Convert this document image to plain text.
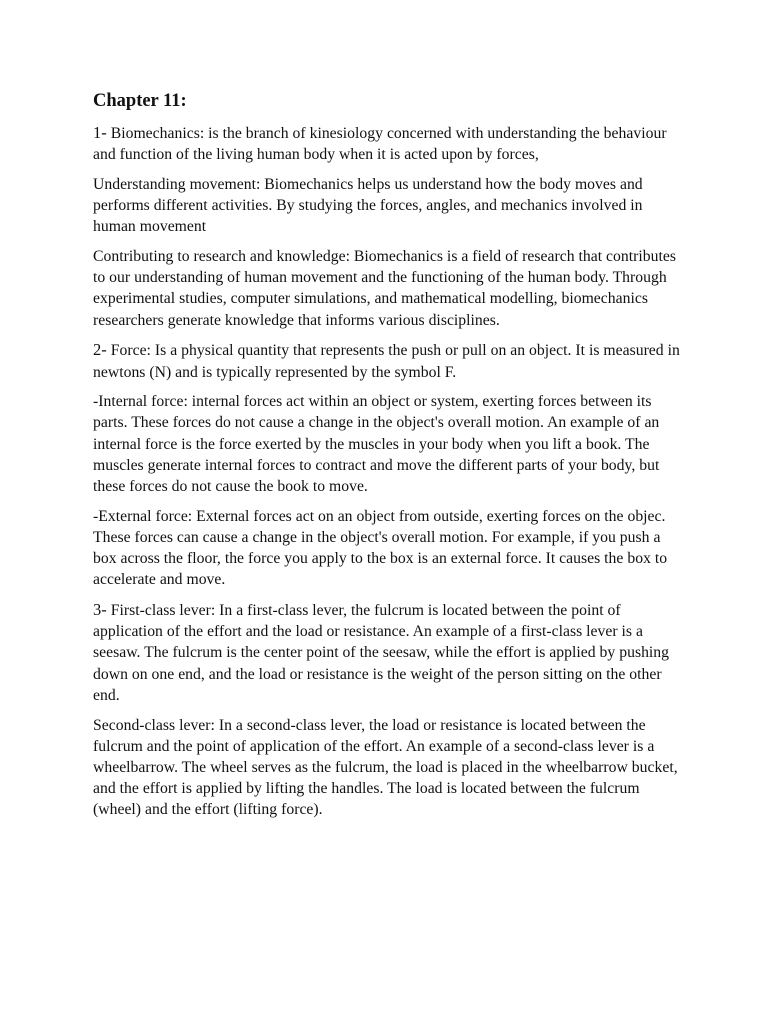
Chapter 11:
1- Biomechanics: is the branch of kinesiology concerned with understanding the behaviour and function of the living human body when it is acted upon by forces,
Understanding movement: Biomechanics helps us understand how the body moves and performs different activities. By studying the forces, angles, and mechanics involved in human movement
Contributing to research and knowledge: Biomechanics is a field of research that contributes to our understanding of human movement and the functioning of the human body. Through experimental studies, computer simulations, and mathematical modelling, biomechanics researchers generate knowledge that informs various disciplines.
2- Force: Is a physical quantity that represents the push or pull on an object. It is measured in newtons (N) and is typically represented by the symbol F.
-Internal force: internal forces act within an object or system, exerting forces between its parts. These forces do not cause a change in the object's overall motion. An example of an internal force is the force exerted by the muscles in your body when you lift a book. The muscles generate internal forces to contract and move the different parts of your body, but these forces do not cause the book to move.
-External force: External forces act on an object from outside, exerting forces on the objec. These forces can cause a change in the object's overall motion. For example, if you push a box across the floor, the force you apply to the box is an external force. It causes the box to accelerate and move.
3- First-class lever: In a first-class lever, the fulcrum is located between the point of application of the effort and the load or resistance. An example of a first-class lever is a seesaw. The fulcrum is the center point of the seesaw, while the effort is applied by pushing down on one end, and the load or resistance is the weight of the person sitting on the other end.
Second-class lever: In a second-class lever, the load or resistance is located between the fulcrum and the point of application of the effort. An example of a second-class lever is a wheelbarrow. The wheel serves as the fulcrum, the load is placed in the wheelbarrow bucket, and the effort is applied by lifting the handles. The load is located between the fulcrum (wheel) and the effort (lifting force).
